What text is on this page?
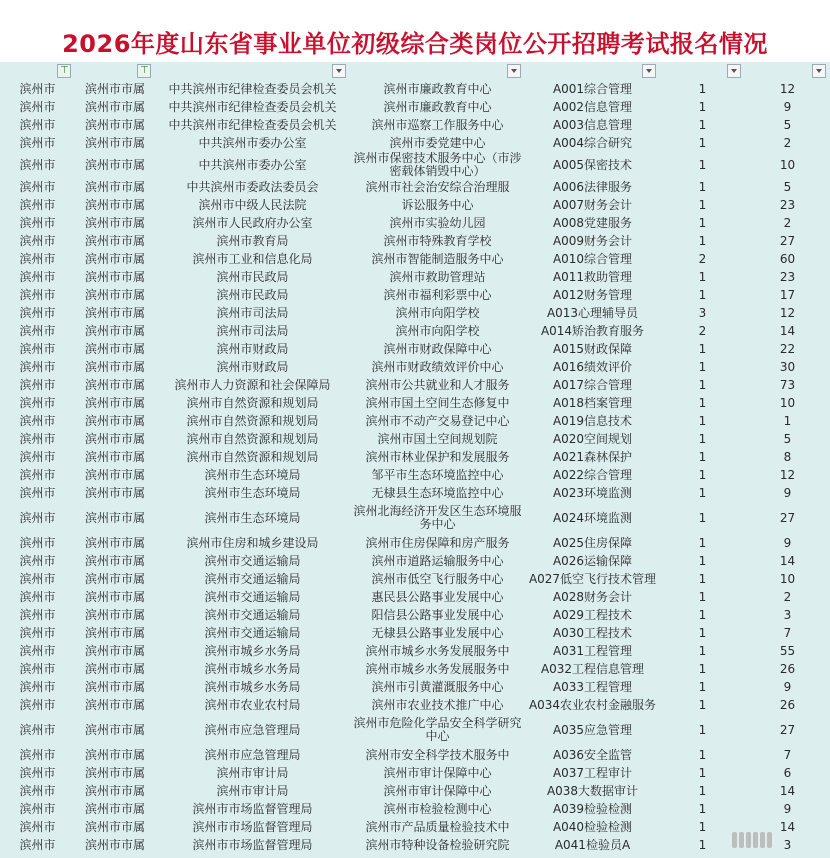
2026年度山东省事业单位初级综合类岗位公开招聘考试报名情况
⊤	⊤					
滨州市	滨州市市属	中共滨州市纪律检查委员会机关	滨州市廉政教育中心	A001综合管理	1	12
滨州市	滨州市市属	中共滨州市纪律检查委员会机关	滨州市廉政教育中心	A002信息管理	1	9
滨州市	滨州市市属	中共滨州市纪律检查委员会机关	滨州市巡察工作服务中心	A003信息管理	1	5
滨州市	滨州市市属	中共滨州市委办公室	滨州市委党建中心	A004综合研究	1	2
滨州市	滨州市市属	中共滨州市委办公室	滨州市保密技术服务中心（市涉密载体销毁中心）	A005保密技术	1	10
滨州市	滨州市市属	中共滨州市委政法委员会	滨州市社会治安综合治理服	A006法律服务	1	5
滨州市	滨州市市属	滨州市中级人民法院	诉讼服务中心	A007财务会计	1	23
滨州市	滨州市市属	滨州市人民政府办公室	滨州市实验幼儿园	A008党建服务	1	2
滨州市	滨州市市属	滨州市教育局	滨州市特殊教育学校	A009财务会计	1	27
滨州市	滨州市市属	滨州市工业和信息化局	滨州市智能制造服务中心	A010综合管理	2	60
滨州市	滨州市市属	滨州市民政局	滨州市救助管理站	A011救助管理	1	23
滨州市	滨州市市属	滨州市民政局	滨州市福利彩票中心	A012财务管理	1	17
滨州市	滨州市市属	滨州市司法局	滨州市向阳学校	A013心理辅导员	3	12
滨州市	滨州市市属	滨州市司法局	滨州市向阳学校	A014矫治教育服务	2	14
滨州市	滨州市市属	滨州市财政局	滨州市财政保障中心	A015财政保障	1	22
滨州市	滨州市市属	滨州市财政局	滨州市财政绩效评价中心	A016绩效评价	1	30
滨州市	滨州市市属	滨州市人力资源和社会保障局	滨州市公共就业和人才服务	A017综合管理	1	73
滨州市	滨州市市属	滨州市自然资源和规划局	滨州市国土空间生态修复中	A018档案管理	1	10
滨州市	滨州市市属	滨州市自然资源和规划局	滨州市不动产交易登记中心	A019信息技术	1	1
滨州市	滨州市市属	滨州市自然资源和规划局	滨州市国土空间规划院	A020空间规划	1	5
滨州市	滨州市市属	滨州市自然资源和规划局	滨州市林业保护和发展服务	A021森林保护	1	8
滨州市	滨州市市属	滨州市生态环境局	邹平市生态环境监控中心	A022综合管理	1	12
滨州市	滨州市市属	滨州市生态环境局	无棣县生态环境监控中心	A023环境监测	1	9
滨州市	滨州市市属	滨州市生态环境局	滨州北海经济开发区生态环境服务中心	A024环境监测	1	27
滨州市	滨州市市属	滨州市住房和城乡建设局	滨州市住房保障和房产服务	A025住房保障	1	9
滨州市	滨州市市属	滨州市交通运输局	滨州市道路运输服务中心	A026运输保障	1	14
滨州市	滨州市市属	滨州市交通运输局	滨州市低空飞行服务中心	A027低空飞行技术管理	1	10
滨州市	滨州市市属	滨州市交通运输局	惠民县公路事业发展中心	A028财务会计	1	2
滨州市	滨州市市属	滨州市交通运输局	阳信县公路事业发展中心	A029工程技术	1	3
滨州市	滨州市市属	滨州市交通运输局	无棣县公路事业发展中心	A030工程技术	1	7
滨州市	滨州市市属	滨州市城乡水务局	滨州市城乡水务发展服务中	A031工程管理	1	55
滨州市	滨州市市属	滨州市城乡水务局	滨州市城乡水务发展服务中	A032工程信息管理	1	26
滨州市	滨州市市属	滨州市城乡水务局	滨州市引黄灌溉服务中心	A033工程管理	1	9
滨州市	滨州市市属	滨州市农业农村局	滨州市农业技术推广中心	A034农业农村金融服务	1	26
滨州市	滨州市市属	滨州市应急管理局	滨州市危险化学品安全科学研究中心	A035应急管理	1	27
滨州市	滨州市市属	滨州市应急管理局	滨州市安全科学技术服务中	A036安全监管	1	7
滨州市	滨州市市属	滨州市审计局	滨州市审计保障中心	A037工程审计	1	6
滨州市	滨州市市属	滨州市审计局	滨州市审计保障中心	A038大数据审计	1	14
滨州市	滨州市市属	滨州市市场监督管理局	滨州市检验检测中心	A039检验检测	1	9
滨州市	滨州市市属	滨州市市场监督管理局	滨州市产品质量检验技术中	A040检验检测	1	14
滨州市	滨州市市属	滨州市市场监督管理局	滨州市特种设备检验研究院	A041检验员A	1	3
